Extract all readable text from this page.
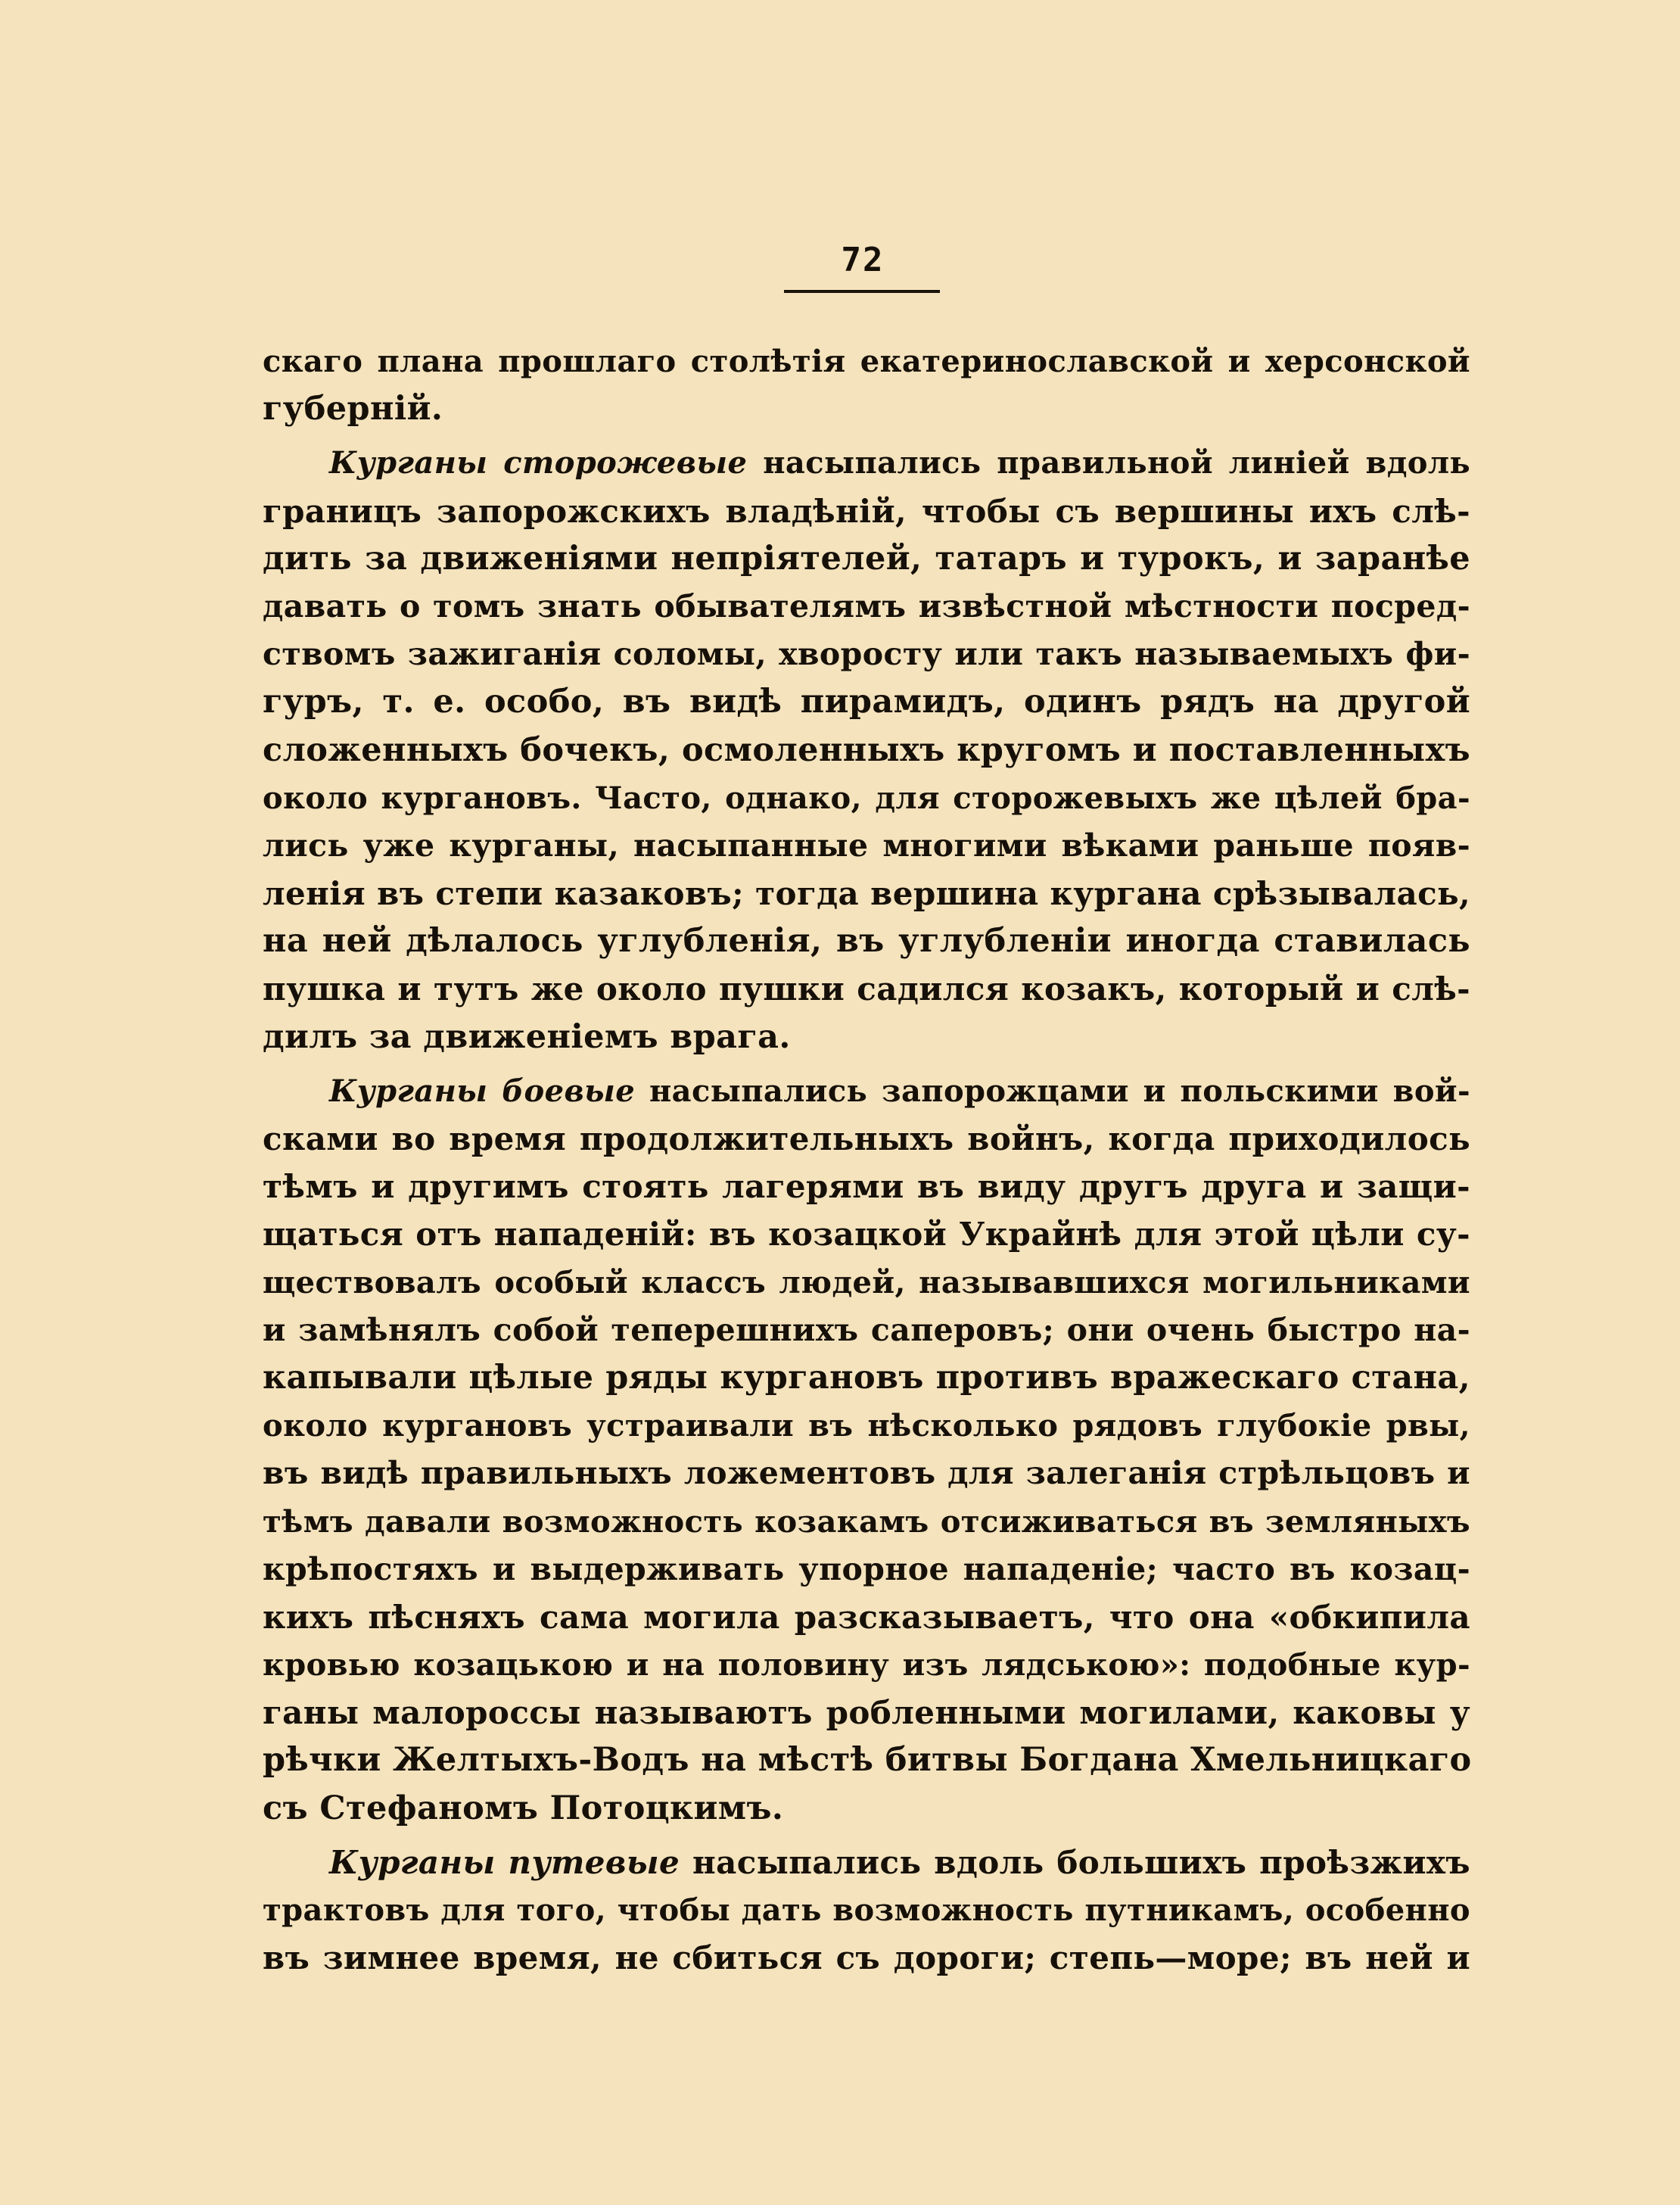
72
скаго плана прошлаго столѣтія екатеринославской и херсонской
губерній.
Курганы сторожевые насыпались правильной линіей вдоль
границъ запорожскихъ владѣній, чтобы съ вершины ихъ слѣ-
дить за движеніями непріятелей, татаръ и турокъ, и заранѣе
давать о томъ знать обывателямъ извѣстной мѣстности посред-
ствомъ зажиганія соломы, хворосту или такъ называемыхъ фи-
гуръ, т. е. особо, въ видѣ пирамидъ, одинъ рядъ на другой
сложенныхъ бочекъ, осмоленныхъ кругомъ и поставленныхъ
около кургановъ. Часто, однако, для сторожевыхъ же цѣлей бра-
лись уже курганы, насыпанные многими вѣками раньше появ-
ленія въ степи казаковъ; тогда вершина кургана срѣзывалась,
на ней дѣлалось углубленія, въ углубленіи иногда ставилась
пушка и тутъ же около пушки садился козакъ, который и слѣ-
дилъ за движеніемъ врага.
Курганы боевые насыпались запорожцами и польскими вой-
сками во время продолжительныхъ войнъ, когда приходилось
тѣмъ и другимъ стоять лагерями въ виду другъ друга и защи-
щаться отъ нападеній: въ козацкой Украйнѣ для этой цѣли су-
ществовалъ особый классъ людей, называвшихся могильниками
и замѣнялъ собой теперешнихъ саперовъ; они очень быстро на-
капывали цѣлые ряды кургановъ противъ вражескаго стана,
около кургановъ устраивали въ нѣсколько рядовъ глубокіе рвы,
въ видѣ правильныхъ ложементовъ для залеганія стрѣльцовъ и
тѣмъ давали возможность козакамъ отсиживаться въ земляныхъ
крѣпостяхъ и выдерживать упорное нападеніе; часто въ козац-
кихъ пѣсняхъ сама могила разсказываетъ, что она «обкипила
кровью козацькою и на половину изъ лядською»: подобные кур-
ганы малороссы называютъ робленными могилами, каковы у
рѣчки Желтыхъ-Водъ на мѣстѣ битвы Богдана Хмельницкаго
съ Стефаномъ Потоцкимъ.
Курганы путевые насыпались вдоль большихъ проѣзжихъ
трактовъ для того, чтобы дать возможность путникамъ, особенно
въ зимнее время, не сбиться съ дороги; степь—море; въ ней и
